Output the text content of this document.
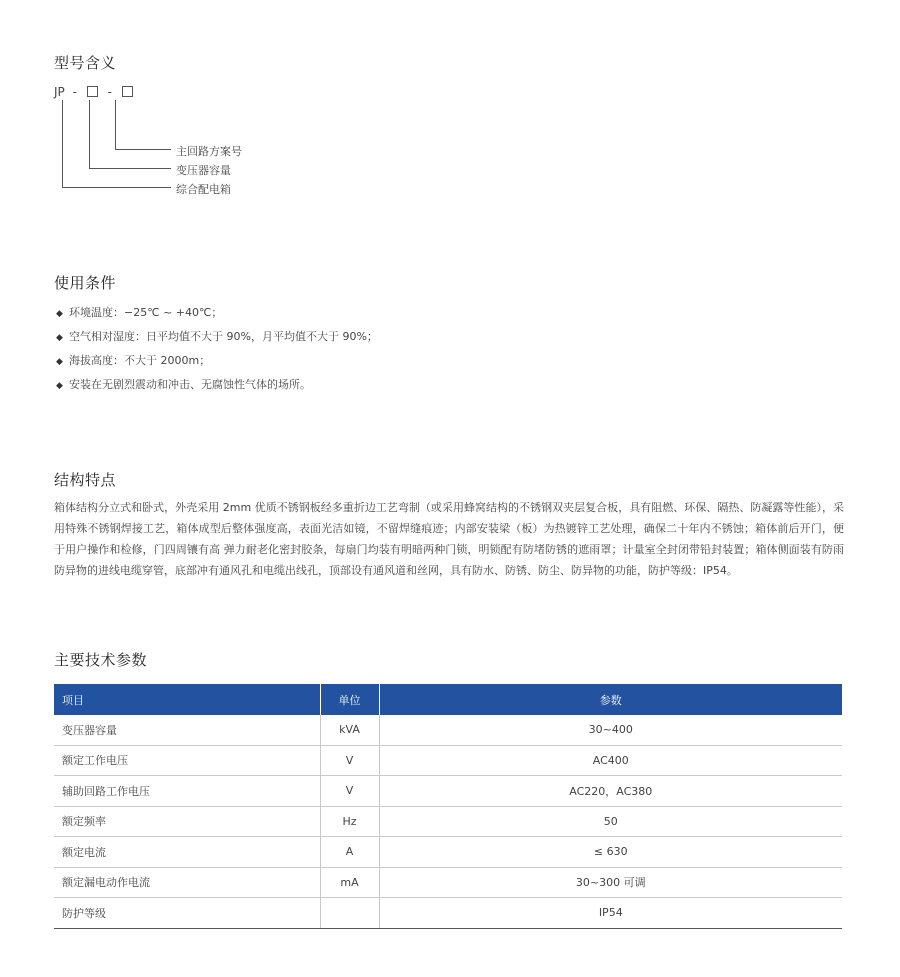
型号含义
JP -	-
主回路方案号
变压器容量
综合配电箱
使用条件
◆ 环境温度：−25℃ ~ +40℃；
◆ 空气相对湿度：日平均值不大于 90%，月平均值不大于 90%；
◆ 海拔高度：不大于 2000m；
◆ 安装在无剧烈震动和冲击、无腐蚀性气体的场所。
结构特点

箱体结构分立式和卧式，外壳采用 2mm 优质不锈钢板经多重折边工艺弯制（或采用蜂窝结构的不锈钢双夹层复合板，具有阻燃、环保、隔热、防凝露等性能），采用特殊不锈钢焊接工艺，箱体成型后整体强度高，表面光洁如镜，不留焊缝痕迹；内部安装梁（板）为热镀锌工艺处理，确保二十年内不锈蚀；箱体前后开门，便于用户操作和检修，门四周镶有高 弹力耐老化密封胶条，每扇门均装有明暗两种门锁，明锁配有防堵防锈的遮雨罩；计量室全封闭带铅封装置；箱体侧面装有防雨防异物的进线电缆穿管，底部冲有通风孔和电缆出线孔，顶部设有通风道和丝网，具有防水、防锈、防尘、防异物的功能，防护等级：IP54。

主要技术参数
项目	单位	参数
变压器容量	kVA	30~400
额定工作电压	V	AC400
辅助回路工作电压	V	AC220，AC380
额定频率	Hz	50
额定电流	A	≤ 630
额定漏电动作电流	mA	30~300 可调
防护等级		IP54
